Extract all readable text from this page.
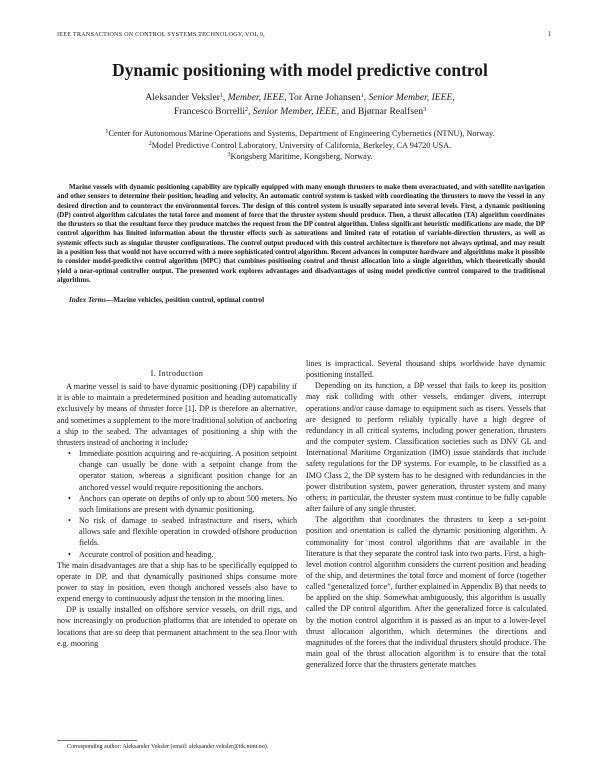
IEEE TRANSACTIONS ON CONTROL SYSTEMS TECHNOLOGY, VOL 9,	1
Dynamic positioning with model predictive control
Aleksander Veksler$^1$, Member, IEEE, Tor Arne Johansen$^1$, Senior Member, IEEE,
Francesco Borrelli$^2$, Senior Member, IEEE, and Bjørnar Realfsen$^3$

$^1$Center for Autonomous Marine Operations and Systems, Department of Engineering Cybernetics (NTNU), Norway.

$^2$Model Predictive Control Laboratory, University of California, Berkeley, CA 94720 USA.

$^3$Kongsberg Maritime, Kongsberg, Norway.

Marine vessels with dynamic positioning capability are typically equipped with many enough thrusters to make them overactuated, and with satellite navigation and other sensors to determine their position, heading and velocity. An automatic control system is tasked with coordinating the thrusters to move the vessel in any desired direction and to counteract the environmental forces. The design of this control system is usually separated into several levels. First, a dynamic positioning (DP) control algorithm calculates the total force and moment of force that the thruster system should produce. Then, a thrust allocation (TA) algorithm coordinates the thrusters so that the resultant force they produce matches the request from the DP control algorithm. Unless significant heuristic modifications are made, the DP control algorithm has limited information about the thruster effects such as saturations and limited rate of rotation of variable-direction thrusters, as well as systemic effects such as singular thruster configurations. The control output produced with this control architecture is therefore not always optimal, and may result in a position loss that would not have occurred with a more sophisticated control algorithm. Recent advances in computer hardware and algorithms make it possible to consider model-predictive control algorithm (MPC) that combines positioning control and thrust allocation into a single algorithm, which theoretically should yield a near-optimal controller output. The presented work explores advantages and disadvantages of using model predictive control compared to the traditional algorithms.

Index Terms—Marine vehicles, position control, optimal control

I. Introduction

A marine vessel is said to have dynamic positioning (DP) capability if it is able to maintain a predetermined position and heading automatically exclusively by means of thruster force [1]. DP is therefore an alternative, and sometimes a supplement to the more traditional solution of anchoring a ship to the seabed. The advantages of positioning a ship with the thrusters instead of anchoring it include:

• Immediate position acquiring and re-acquiring. A position setpoint change can usually be done with a setpoint change from the operator station, whereas a significant position change for an anchored vessel would require repositioning the anchors.
• Anchors can operate on depths of only up to about 500 meters. No such limitations are present with dynamic positioning.
• No risk of damage to seabed infrastructure and risers, which allows safe and flexible operation in crowded offshore production fields.
• Accurate control of position and heading.

The main disadvantages are that a ship has to be specifically equipped to operate in DP, and that dynamically positioned ships consume more power to stay in position, even though anchored vessels also have to expend energy to continuously adjust the tension in the mooring lines.

DP is usually installed on offshore service vessels, on drill rigs, and now increasingly on production platforms that are intended to operate on locations that are so deep that permanent attachment to the sea floor with e.g. mooring

Corresponding author: Aleksander Veksler (email: aleksander.veksler@itk.ntnu.no).

lines is impractical. Several thousand ships worldwide have dynamic positioning installed.

Depending on its function, a DP vessel that fails to keep its position may risk colliding with other vessels, endanger divers, interrupt operations and/or cause damage to equipment such as risers. Vessels that are designed to perform reliably typically have a high degree of redundancy in all critical systems, including power generation, thrusters and the computer system. Classification societies such as DNV GL and International Maritime Organization (IMO) issue standards that include safety regulations for the DP systems. For example, to be classified as a IMO Class 2, the DP system has to be designed with redundancies in the power distribution system, power generation, thruster system and many others; in particular, the thruster system must continue to be fully capable after failure of any single thruster.

The algorithm that coordinates the thrusters to keep a set-point position and orientation is called the dynamic positioning algorithm. A commonality for most control algorithms that are available in the literature is that they separate the control task into two parts. First, a high-level motion control algorithm considers the current position and heading of the ship, and determines the total force and moment of force (together called “generalized force”, further explained in Appendix B) that needs to be applied on the ship. Somewhat ambiguously, this algorithm is usually called the DP control algorithm. After the generalized force is calculated by the motion control algorithm it is passed as an input to a lower-level thrust allocation algorithm, which determines the directions and magnitudes of the forces that the individual thrusters should produce. The main goal of the thrust allocation algorithm is to ensure that the total generalized force that the thrusters generate matches
